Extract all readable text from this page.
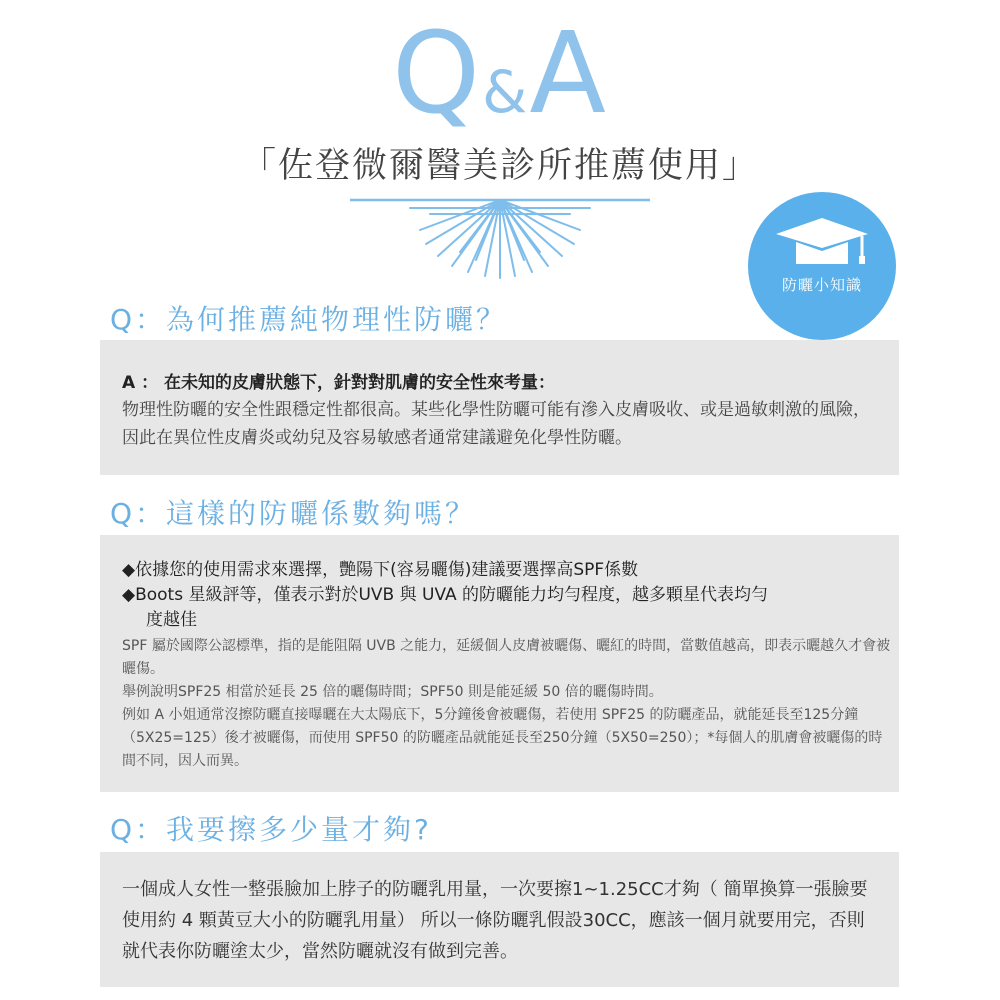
Q&A
「佐登微爾醫美診所推薦使用」
防曬小知識
Q：為何推薦純物理性防曬？

A ： 在未知的皮膚狀態下，針對對肌膚的安全性來考量：

物理性防曬的安全性跟穩定性都很高。某些化學性防曬可能有滲入皮膚吸收、或是過敏刺激的風險，因此在異位性皮膚炎或幼兒及容易敏感者通常建議避免化學性防曬。

Q：這樣的防曬係數夠嗎？
◆依據您的使用需求來選擇，艷陽下(容易曬傷)建議要選擇高SPF係數
◆Boots 星級評等，僅表示對於UVB 與 UVA 的防曬能力均勻程度，越多顆星代表均勻
度越佳
SPF 屬於國際公認標準，指的是能阻隔 UVB 之能力，延緩個人皮膚被曬傷、曬紅的時間，當數值越高，即表示曬越久才會被曬傷。
舉例說明SPF25 相當於延長 25 倍的曬傷時間；SPF50 則是能延緩 50 倍的曬傷時間。
例如 A 小姐通常沒擦防曬直接曝曬在大太陽底下，5分鐘後會被曬傷，若使用 SPF25 的防曬產品，就能延長至125分鐘（5X25=125）後才被曬傷，而使用 SPF50 的防曬產品就能延長至250分鐘（5X50=250）；*每個人的肌膚會被曬傷的時間不同，因人而異。
Q：我要擦多少量才夠?

一個成人女性一整張臉加上脖子的防曬乳用量，一次要擦1~1.25CC才夠（ 簡單換算一張臉要使用約 4 顆黃豆大小的防曬乳用量） 所以一條防曬乳假設30CC，應該一個月就要用完，否則就代表你防曬塗太少，當然防曬就沒有做到完善。
